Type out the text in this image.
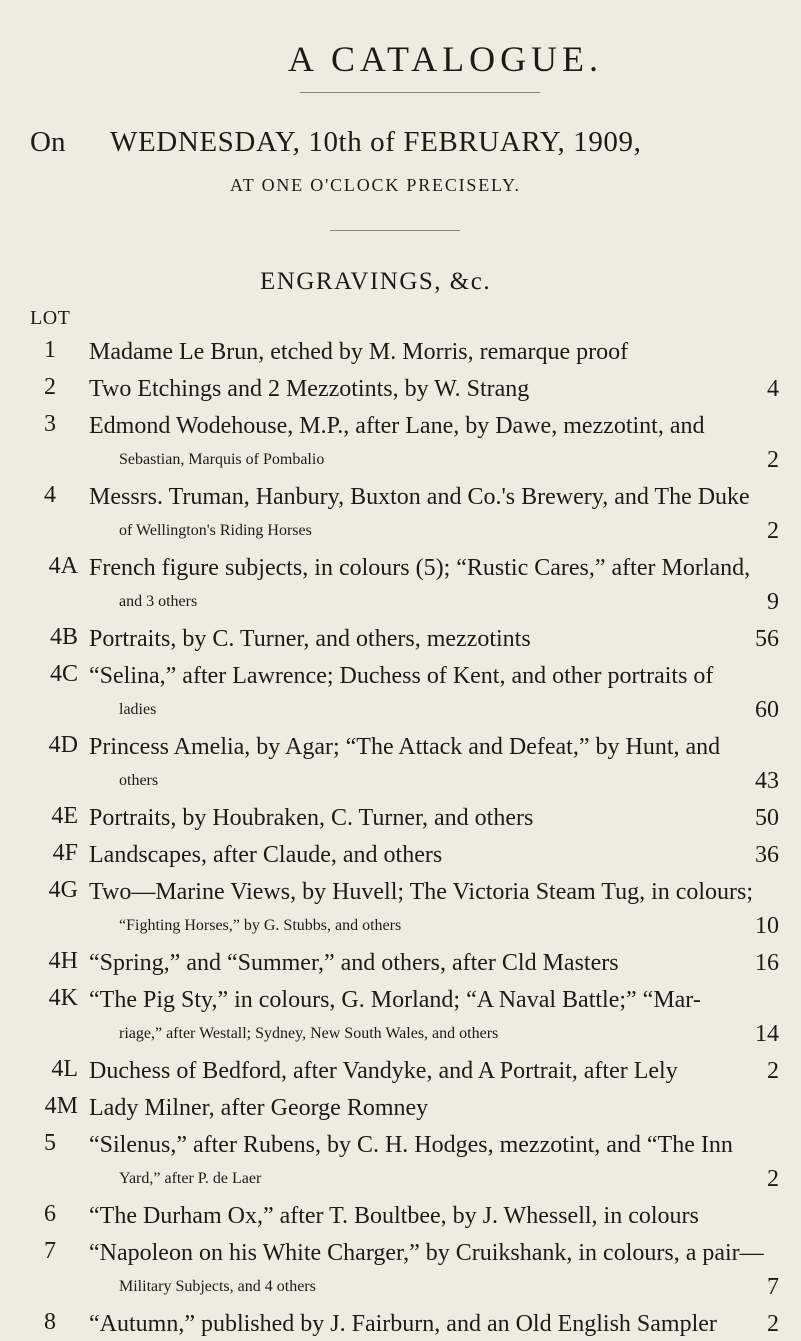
A CATALOGUE.
On WEDNESDAY, 10th of FEBRUARY, 1909,
AT ONE O'CLOCK PRECISELY.
ENGRAVINGS, &c.
LOT
1 Madame Le Brun, etched by M. Morris, remarque proof

2 Two Etchings and 2 Mezzotints, by W. Strang	4
3 Edmond Wodehouse, M.P., after Lane, by Dawe, mezzotint, and

Sebastian, Marquis of Pombalio	2
4 Messrs. Truman, Hanbury, Buxton and Co.'s Brewery, and The Duke

of Wellington's Riding Horses	2
4A French figure subjects, in colours (5); “Rustic Cares,” after Morland,

and 3 others	9
4B Portraits, by C. Turner, and others, mezzotints	56
4C “Selina,” after Lawrence; Duchess of Kent, and other portraits of

ladies	60
4D Princess Amelia, by Agar; “The Attack and Defeat,” by Hunt, and

others	43
4E Portraits, by Houbraken, C. Turner, and others	50
4F Landscapes, after Claude, and others	36
4G Two—Marine Views, by Huvell; The Victoria Steam Tug, in colours;

“Fighting Horses,” by G. Stubbs, and others	10
4H “Spring,” and “Summer,” and others, after Cld Masters	16
4K “The Pig Sty,” in colours, G. Morland; “A Naval Battle;” “Mar-

riage,” after Westall; Sydney, New South Wales, and others	14
4L Duchess of Bedford, after Vandyke, and A Portrait, after Lely	2
4M Lady Milner, after George Romney

5 “Silenus,” after Rubens, by C. H. Hodges, mezzotint, and “The Inn

Yard,” after P. de Laer	2
6 “The Durham Ox,” after T. Boultbee, by J. Whessell, in colours

7 “Napoleon on his White Charger,” by Cruikshank, in colours, a pair—

Military Subjects, and 4 others	7
8 “Autumn,” published by J. Fairburn, and an Old English Sampler	2
